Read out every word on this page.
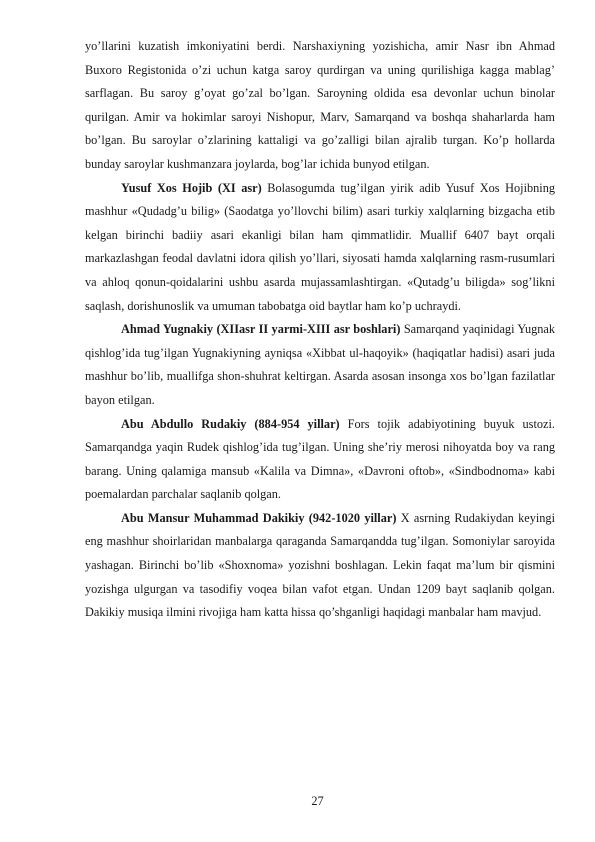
yo’llarini kuzatish imkoniyatini berdi. Narshaxiyning yozishicha, amir Nasr ibn Ahmad Buxoro Registonida o’zi uchun katga saroy qurdirgan va uning qurilishiga kagga mablag’ sarflagan. Bu saroy g’oyat go’zal bo’lgan. Saroyning oldida esa devonlar uchun binolar qurilgan. Amir va hokimlar saroyi Nishopur, Marv, Samarqand va boshqa shaharlarda ham bo’lgan. Bu saroylar o’zlarining kattaligi va go’zalligi bilan ajralib turgan. Ko’p hollarda bunday saroylar kushmanzara joylarda, bog’lar ichida bunyod etilgan.

Yusuf Xos Hojib (XI asr) Bolasogumda tug’ilgan yirik adib Yusuf Xos Hojibning mashhur «Qudadg’u bilig» (Saodatga yo’llovchi bilim) asari turkiy xalqlarning bizgacha etib kelgan birinchi badiiy asari ekanligi bilan ham qimmatlidir. Muallif 6407 bayt orqali markazlashgan feodal davlatni idora qilish yo’llari, siyosati hamda xalqlarning rasm-rusumlari va ahloq qonun-qoidalarini ushbu asarda mujassamlashtirgan. «Qutadg’u biligda» sog’likni saqlash, dorishunoslik va umuman tabobatga oid baytlar ham ko’p uchraydi.

Ahmad Yugnakiy (XIIasr II yarmi-XIII asr boshlari) Samarqand yaqinidagi Yugnak qishlog’ida tug’ilgan Yugnakiyning ayniqsa «Xibbat ul-haqoyik» (haqiqatlar hadisi) asari juda mashhur bo’lib, muallifga shon-shuhrat keltirgan. Asarda asosan insonga xos bo’lgan fazilatlar bayon etilgan.

Abu Abdullo Rudakiy (884-954 yillar) Fors tojik adabiyotining buyuk ustozi. Samarqandga yaqin Rudek qishlog’ida tug’ilgan. Uning she’riy merosi nihoyatda boy va rang barang. Uning qalamiga mansub «Kalila va Dimna», «Davroni oftob», «Sindbodnoma» kabi poemalardan parchalar saqlanib qolgan.

Abu Mansur Muhammad Dakikiy (942-1020 yillar) X asrning Rudakiydan keyingi eng mashhur shoirlaridan manbalarga qaraganda Samarqandda tug’ilgan. Somoniylar saroyida yashagan. Birinchi bo’lib «Shoxnoma» yozishni boshlagan. Lekin faqat ma’lum bir qismini yozishga ulgurgan va tasodifiy voqea bilan vafot etgan. Undan 1209 bayt saqlanib qolgan. Dakikiy musiqa ilmini rivojiga ham katta hissa qo’shganligi haqidagi manbalar ham mavjud.

27
